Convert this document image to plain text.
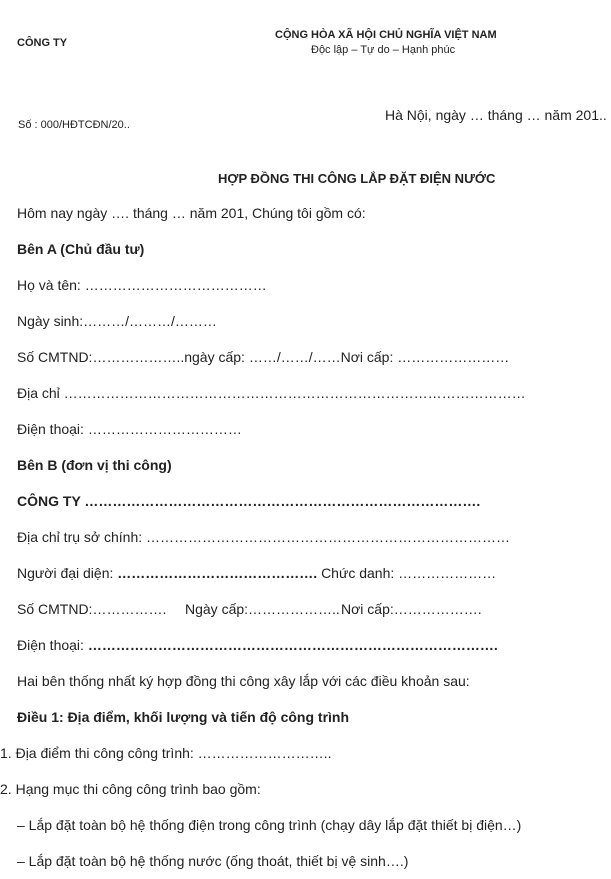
CÔNG TY
CỘNG HÒA XÃ HỘI CHỦ NGHĨA VIỆT NAM
Độc lập – Tự do – Hạnh phúc
Số : 000/HĐTCĐN/20..
Hà Nội, ngày … tháng … năm 201..
HỢP ĐỒNG THI CÔNG LẮP ĐẶT ĐIỆN NƯỚC
Hôm nay ngày …. tháng … năm 201, Chúng tôi gồm có:
Bên A (Chủ đầu tư)
Họ và tên: …………………………………
Ngày sinh:………/………/………
Số CMTND:………………..ngày cấp: ……/……/……Nơi cấp: ……………………
Địa chỉ ………………………………………………………………………………………
Điện thoại: ……………………………
Bên B (đơn vị thi công)
CÔNG TY ………………………………………………………………………….
Địa chỉ trụ sở chính: ……………………………………………………………………
Người đại diện: ……………………………………. Chức danh: …………………
Số CMTND:……………. Ngày cấp:……………….. Nơi cấp:……………….
Điện thoại: …………………………………………………………………………….
Hai bên thống nhất ký hợp đồng thi công xây lắp với các điều khoản sau:
Điều 1: Địa điểm, khối lượng và tiến độ công trình
1. Địa điểm thi công công trình: ………………………..
2. Hạng mục thi công công trình bao gồm:
– Lắp đặt toàn bộ hệ thống điện trong công trình (chạy dây lắp đặt thiết bị điện…)
– Lắp đặt toàn bộ hệ thống nước (ống thoát, thiết bị vệ sinh….)
